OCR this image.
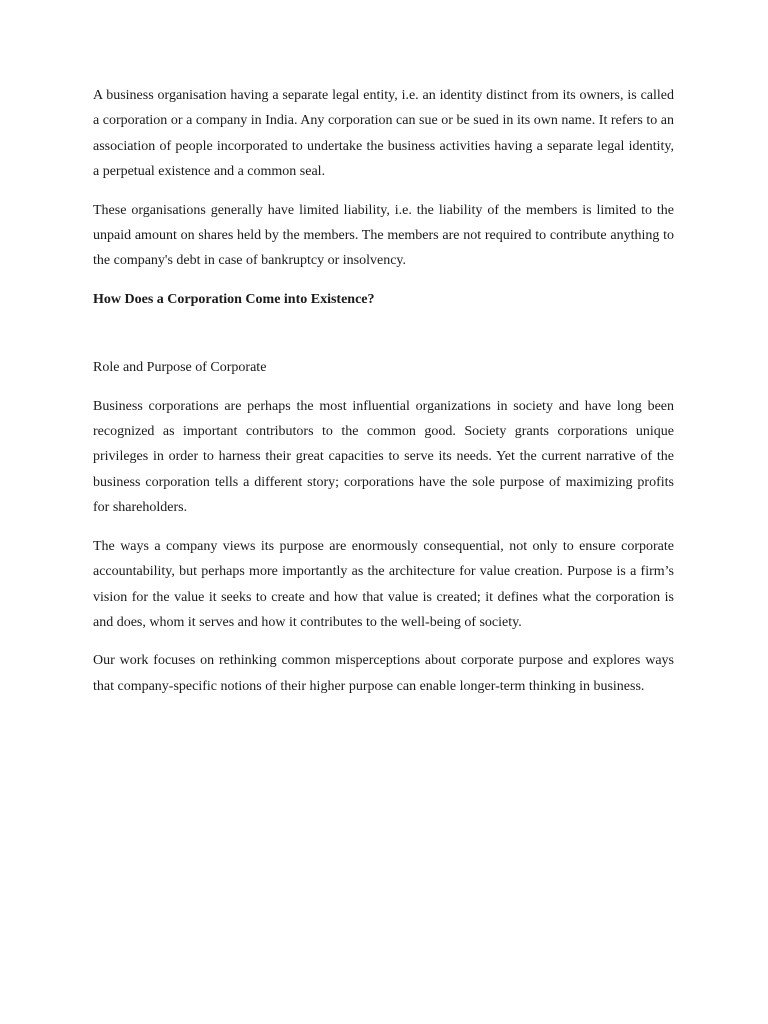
A business organisation having a separate legal entity, i.e. an identity distinct from its owners, is called a corporation or a company in India. Any corporation can sue or be sued in its own name. It refers to an association of people incorporated to undertake the business activities having a separate legal identity, a perpetual existence and a common seal.

These organisations generally have limited liability, i.e. the liability of the members is limited to the unpaid amount on shares held by the members. The members are not required to contribute anything to the company's debt in case of bankruptcy or insolvency.

How Does a Corporation Come into Existence?

Role and Purpose of Corporate

Business corporations are perhaps the most influential organizations in society and have long been recognized as important contributors to the common good. Society grants corporations unique privileges in order to harness their great capacities to serve its needs. Yet the current narrative of the business corporation tells a different story; corporations have the sole purpose of maximizing profits for shareholders.

The ways a company views its purpose are enormously consequential, not only to ensure corporate accountability, but perhaps more importantly as the architecture for value creation. Purpose is a firm’s vision for the value it seeks to create and how that value is created; it defines what the corporation is and does, whom it serves and how it contributes to the well-being of society.

Our work focuses on rethinking common misperceptions about corporate purpose and explores ways that company-specific notions of their higher purpose can enable longer-term thinking in business.
